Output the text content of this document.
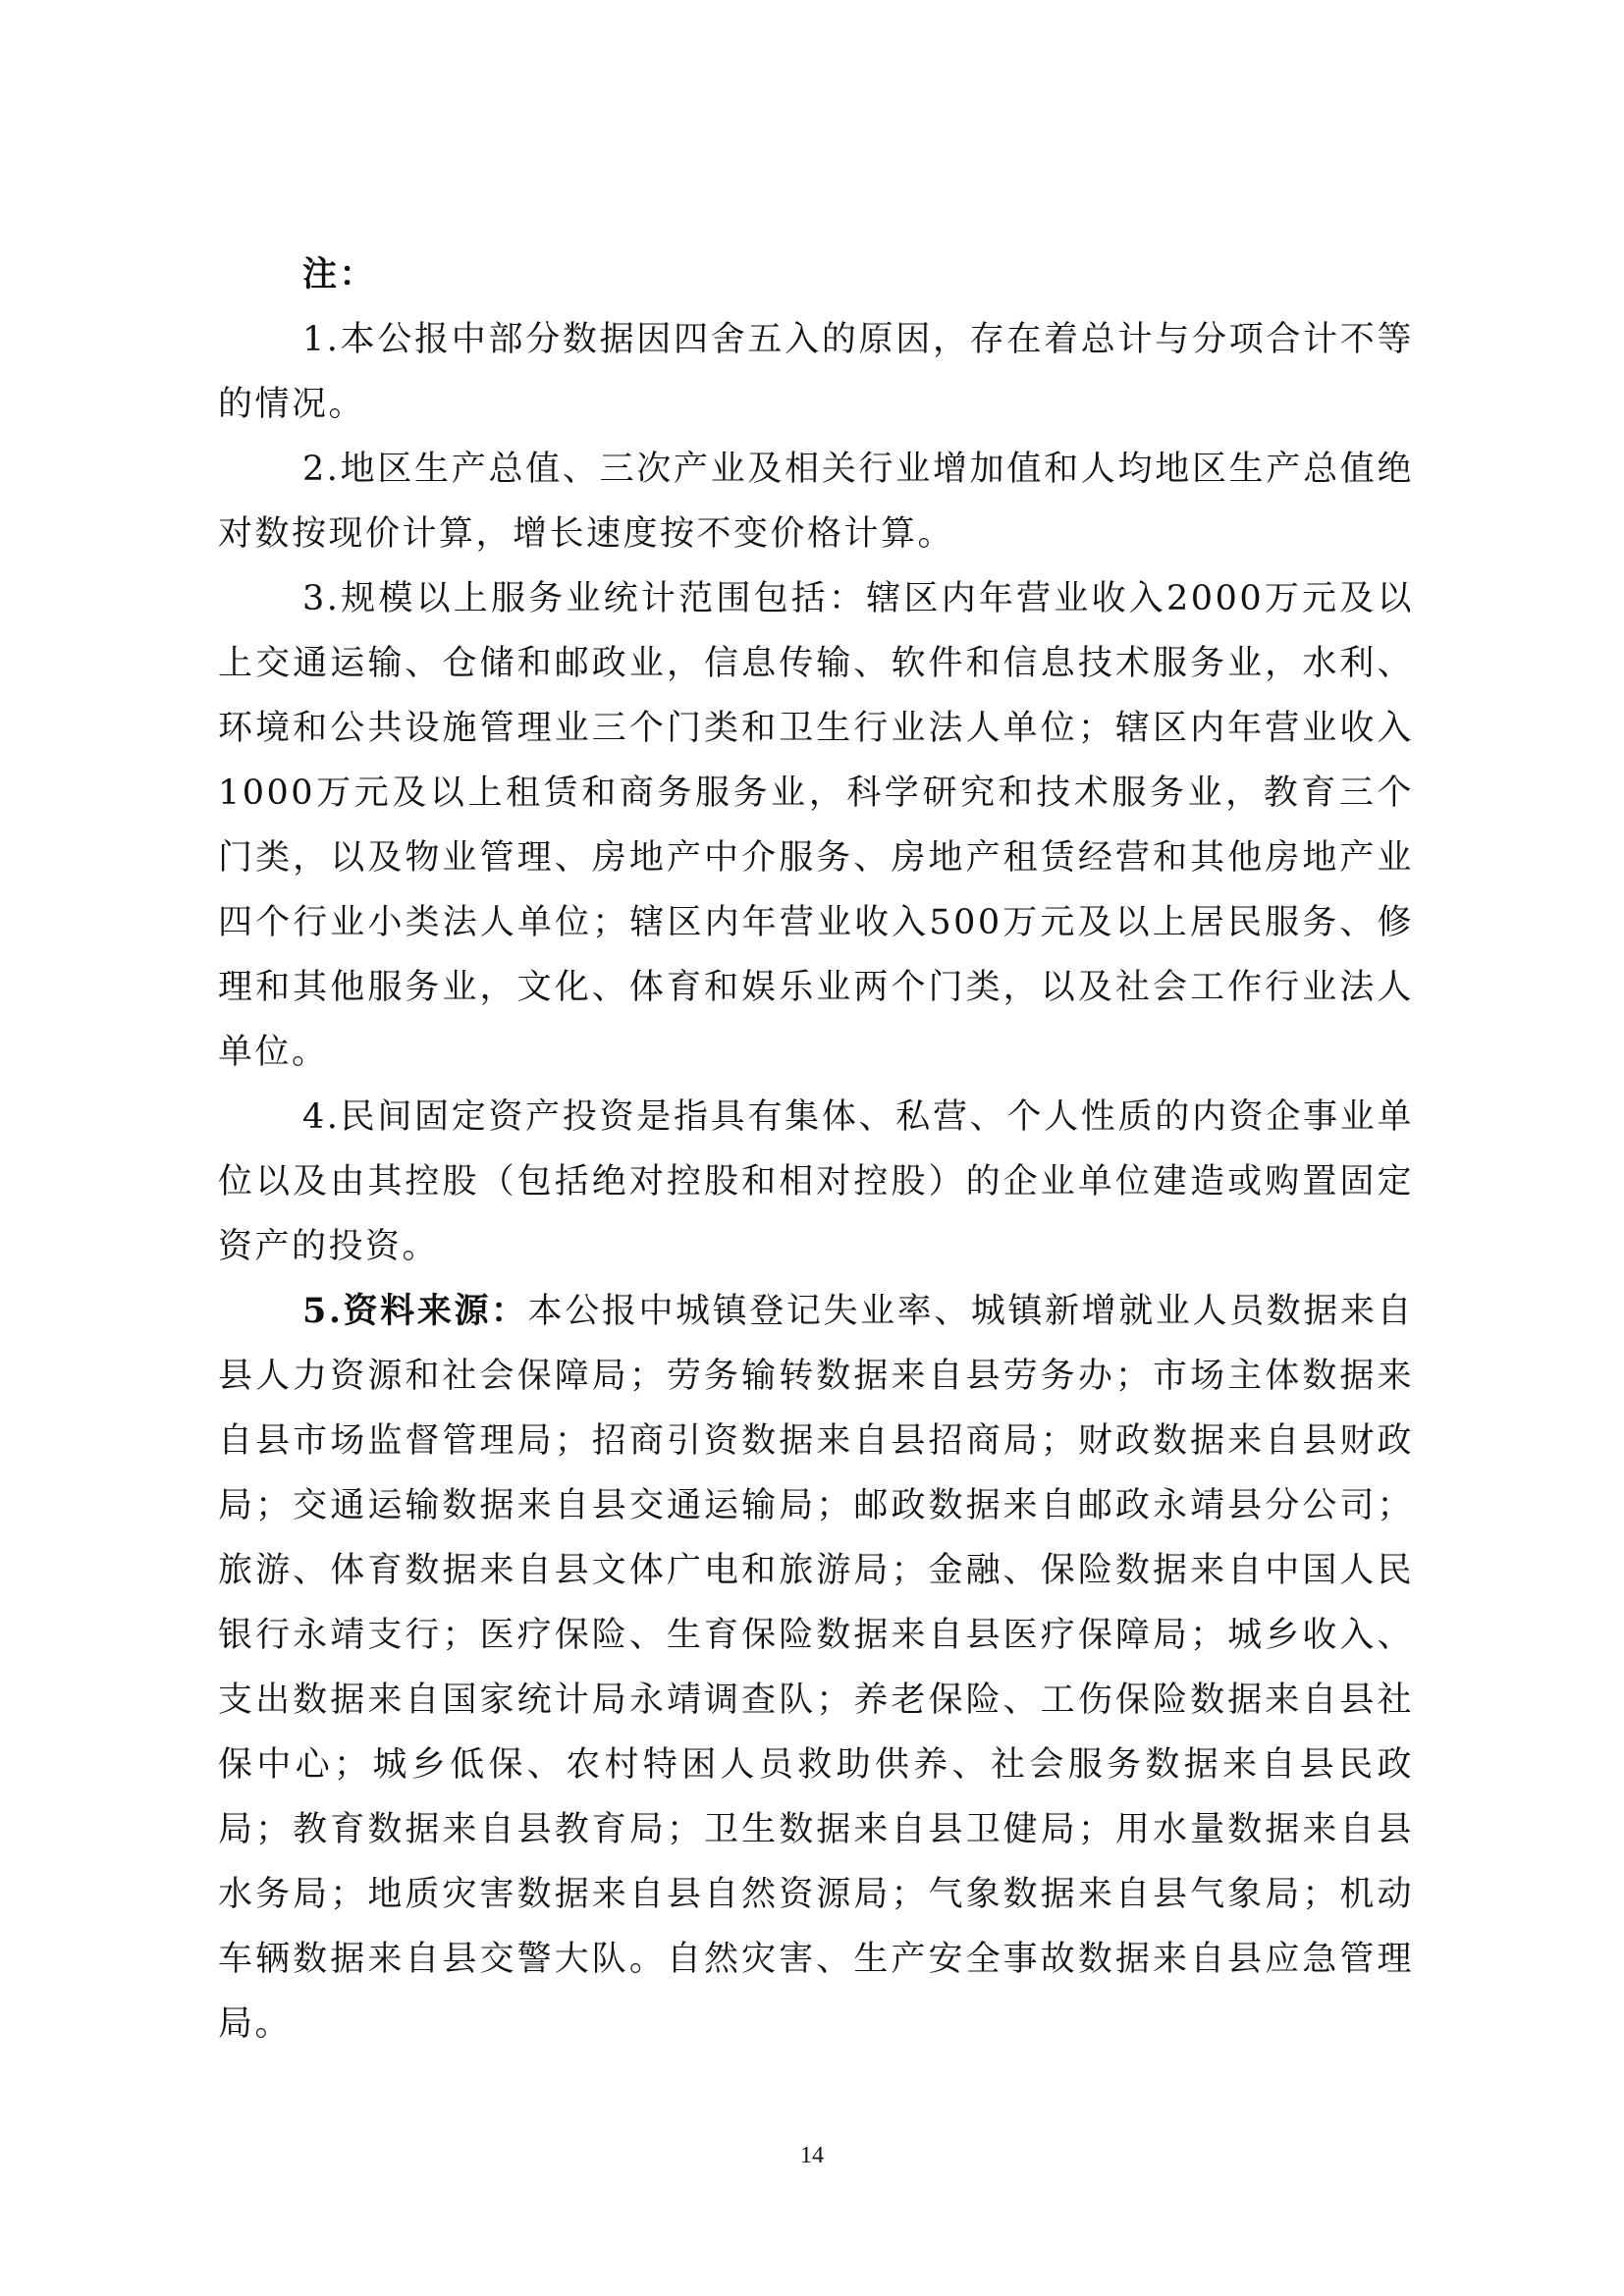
注：

1.本公报中部分数据因四舍五入的原因，存在着总计与分项合计不等的情况。

2.地区生产总值、三次产业及相关行业增加值和人均地区生产总值绝对数按现价计算，增长速度按不变价格计算。

3.规模以上服务业统计范围包括：辖区内年营业收入2000万元及以上交通运输、仓储和邮政业，信息传输、软件和信息技术服务业，水利、环境和公共设施管理业三个门类和卫生行业法人单位；辖区内年营业收入1000万元及以上租赁和商务服务业，科学研究和技术服务业，教育三个门类，以及物业管理、房地产中介服务、房地产租赁经营和其他房地产业四个行业小类法人单位；辖区内年营业收入500万元及以上居民服务、修理和其他服务业，文化、体育和娱乐业两个门类，以及社会工作行业法人单位。

4.民间固定资产投资是指具有集体、私营、个人性质的内资企事业单位以及由其控股（包括绝对控股和相对控股）的企业单位建造或购置固定资产的投资。

5.资料来源：本公报中城镇登记失业率、城镇新增就业人员数据来自县人力资源和社会保障局；劳务输转数据来自县劳务办；市场主体数据来自县市场监督管理局；招商引资数据来自县招商局；财政数据来自县财政局；交通运输数据来自县交通运输局；邮政数据来自邮政永靖县分公司；旅游、体育数据来自县文体广电和旅游局；金融、保险数据来自中国人民银行永靖支行；医疗保险、生育保险数据来自县医疗保障局；城乡收入、支出数据来自国家统计局永靖调查队；养老保险、工伤保险数据来自县社保中心；城乡低保、农村特困人员救助供养、社会服务数据来自县民政局；教育数据来自县教育局；卫生数据来自县卫健局；用水量数据来自县水务局；地质灾害数据来自县自然资源局；气象数据来自县气象局；机动车辆数据来自县交警大队。自然灾害、生产安全事故数据来自县应急管理局。

14
